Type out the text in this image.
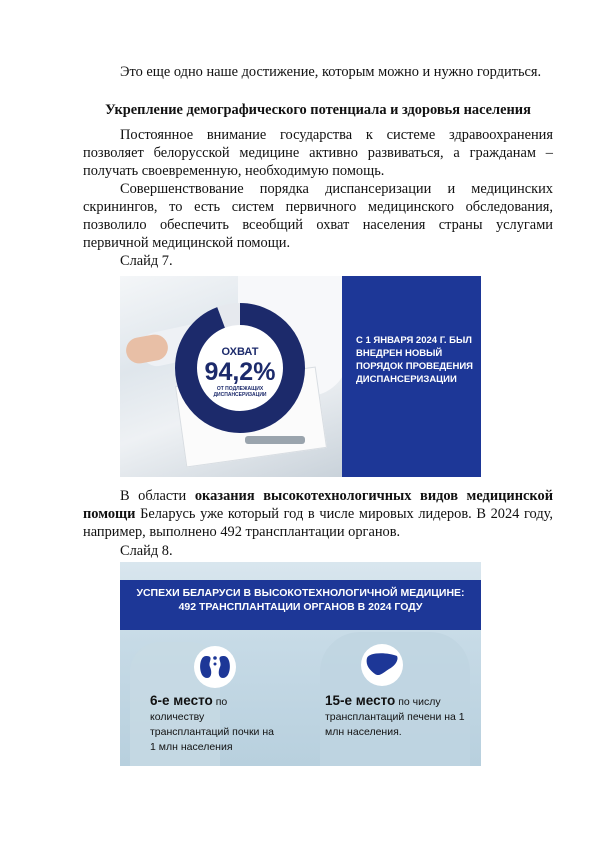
Это еще одно наше достижение, которым можно и нужно гордиться.

Укрепление демографического потенциала и здоровья населения

Постоянное внимание государства к системе здравоохранения позволяет белорусской медицине активно развиваться, а гражданам – получать своевременную, необходимую помощь.

Совершенствование порядка диспансеризации и медицинских скринингов, то есть систем первичного медицинского обследования, позволило обеспечить всеобщий охват населения страны услугами первичной медицинской помощи.

Слайд 7.

ОХВАТ
94,2%
ОТ ПОДЛЕЖАЩИХ ДИСПАНСЕРИЗАЦИИ
С 1 ЯНВАРЯ 2024 Г. БЫЛ ВНЕДРЕН НОВЫЙ ПОРЯДОК ПРОВЕДЕНИЯ ДИСПАНСЕРИЗАЦИИ

В области оказания высокотехнологичных видов медицинской помощи Беларусь уже который год в числе мировых лидеров. В 2024 году, например, выполнено 492 трансплантации органов.

Слайд 8.

УСПЕХИ БЕЛАРУСИ В ВЫСОКОТЕХНОЛОГИЧНОЙ МЕДИЦИНЕ:
492 ТРАНСПЛАНТАЦИИ ОРГАНОВ В 2024 ГОДУ
6-е место по количеству трансплантаций почки на 1 млн населения
15-е место по числу трансплантаций печени на 1 млн населения.
